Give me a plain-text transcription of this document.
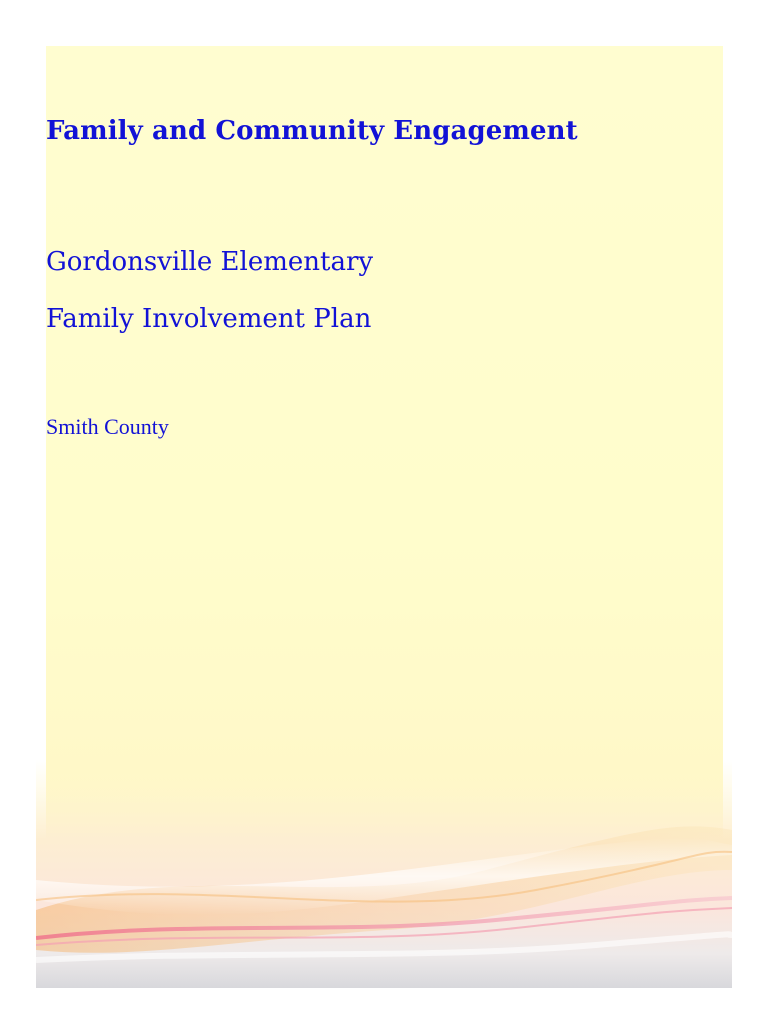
Family and Community Engagement
Gordonsville Elementary
Family Involvement Plan
Smith County
